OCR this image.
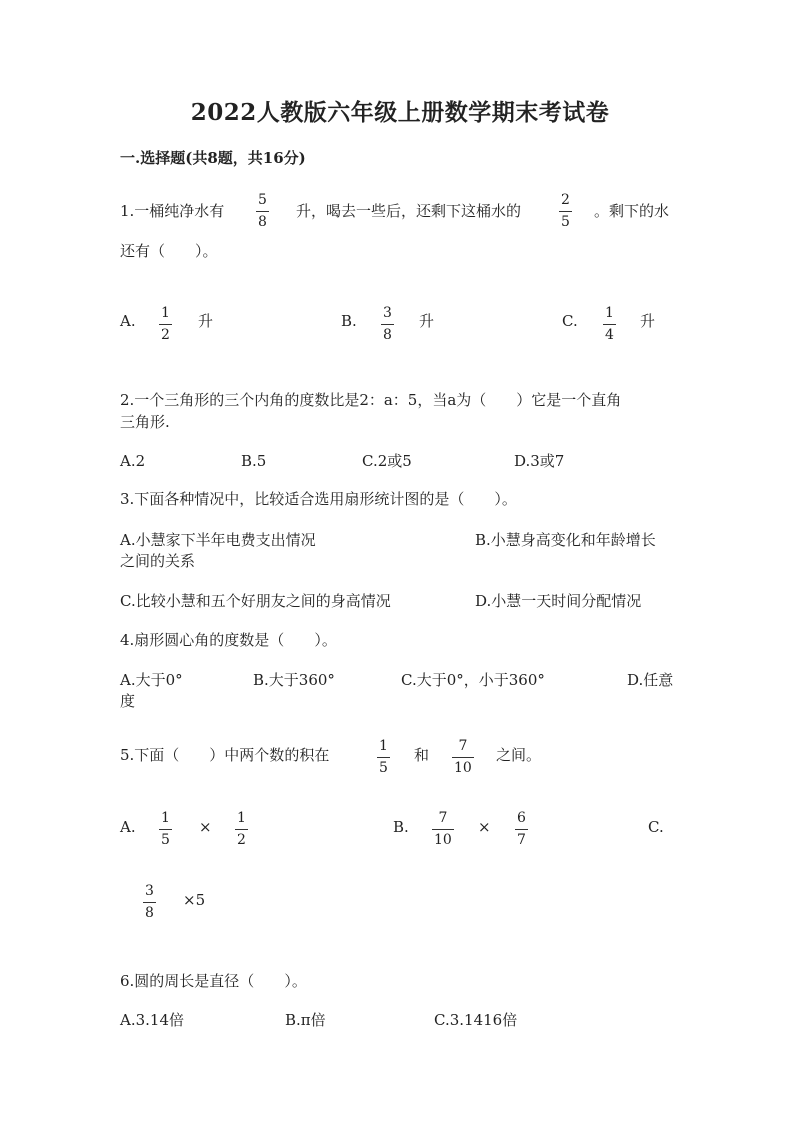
2022人教版六年级上册数学期末考试卷
一.选择题(共8题，共16分)
1.一桶纯净水有
5
8
升，喝去一些后，还剩下这桶水的
2
5
。剩下的水
还有（　　）。
A. 1
2
升	B. 3
8
升	C. 1
4
升
2.一个三角形的三个内角的度数比是2：a：5，当a为（　　）它是一个直角
三角形.
A.2	B.5	C.2或5	D.3或7
3.下面各种情况中，比较适合选用扇形统计图的是（　　）。
A.小慧家下半年电费支出情况	B.小慧身高变化和年龄增长
之间的关系
C.比较小慧和五个好朋友之间的身高情况	D.小慧一天时间分配情况
4.扇形圆心角的度数是（　　）。
A.大于0°	B.大于360°	C.大于0°，小于360°	D.任意
度
5.下面（　　）中两个数的积在	1
5
和 7
10
之间。
A. 1
5
× 1
2
B. 7
10
× 6
7
C.
3
8
×5
6.圆的周长是直径（　　）。
A.3.14倍	B.π倍	C.3.1416倍
